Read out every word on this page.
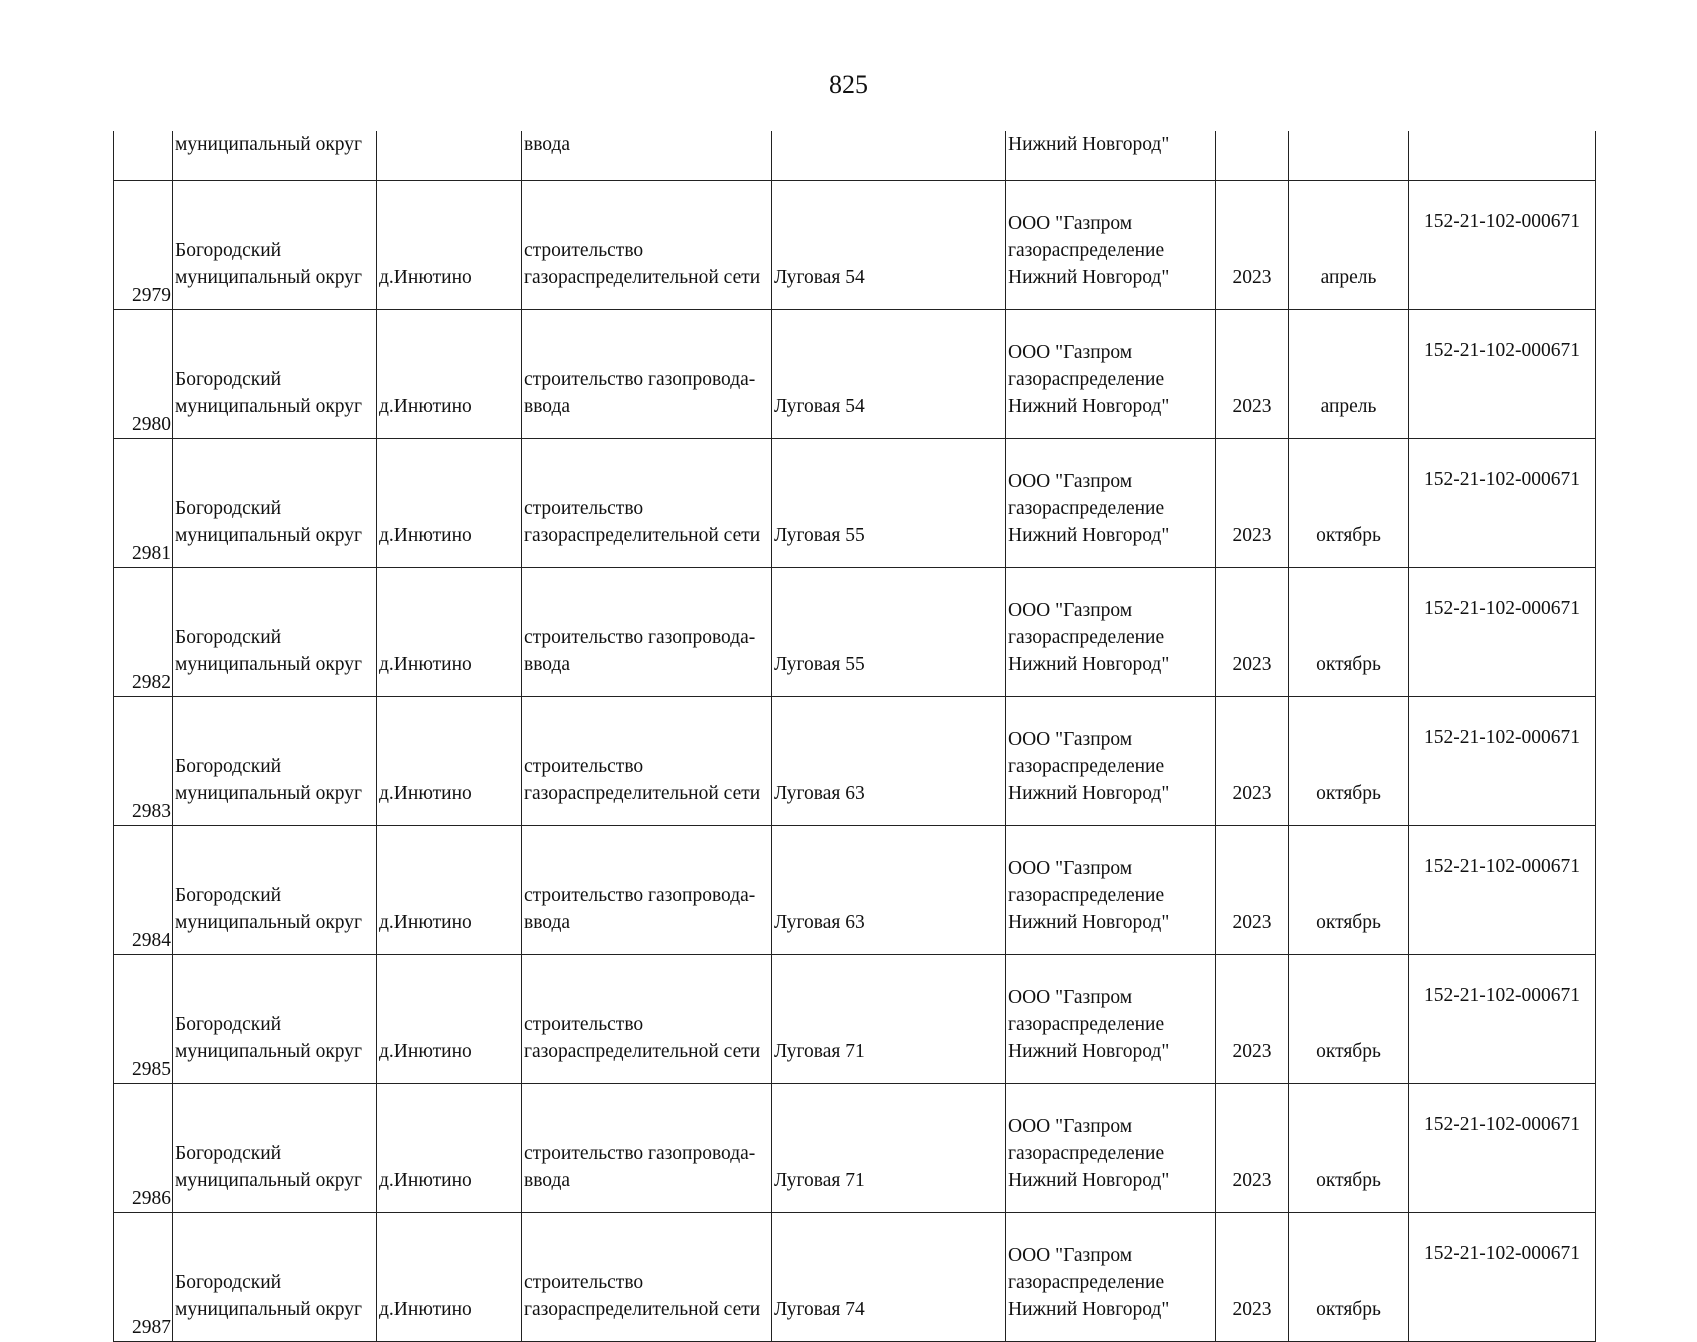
825
	муниципальный округ		ввода		Нижний Новгород"			
2979	Богородский
муниципальный округ	д.Инютино	строительство
газораспределительной сети	Луговая 54	ООО "Газпром
газораспределение
Нижний Новгород"	2023	апрель	152-21-102-000671
2980	Богородский
муниципальный округ	д.Инютино	строительство газопровода-
ввода	Луговая 54	ООО "Газпром
газораспределение
Нижний Новгород"	2023	апрель	152-21-102-000671
2981	Богородский
муниципальный округ	д.Инютино	строительство
газораспределительной сети	Луговая 55	ООО "Газпром
газораспределение
Нижний Новгород"	2023	октябрь	152-21-102-000671
2982	Богородский
муниципальный округ	д.Инютино	строительство газопровода-
ввода	Луговая 55	ООО "Газпром
газораспределение
Нижний Новгород"	2023	октябрь	152-21-102-000671
2983	Богородский
муниципальный округ	д.Инютино	строительство
газораспределительной сети	Луговая 63	ООО "Газпром
газораспределение
Нижний Новгород"	2023	октябрь	152-21-102-000671
2984	Богородский
муниципальный округ	д.Инютино	строительство газопровода-
ввода	Луговая 63	ООО "Газпром
газораспределение
Нижний Новгород"	2023	октябрь	152-21-102-000671
2985	Богородский
муниципальный округ	д.Инютино	строительство
газораспределительной сети	Луговая 71	ООО "Газпром
газораспределение
Нижний Новгород"	2023	октябрь	152-21-102-000671
2986	Богородский
муниципальный округ	д.Инютино	строительство газопровода-
ввода	Луговая 71	ООО "Газпром
газораспределение
Нижний Новгород"	2023	октябрь	152-21-102-000671
2987	Богородский
муниципальный округ	д.Инютино	строительство
газораспределительной сети	Луговая 74	ООО "Газпром
газораспределение
Нижний Новгород"	2023	октябрь	152-21-102-000671
